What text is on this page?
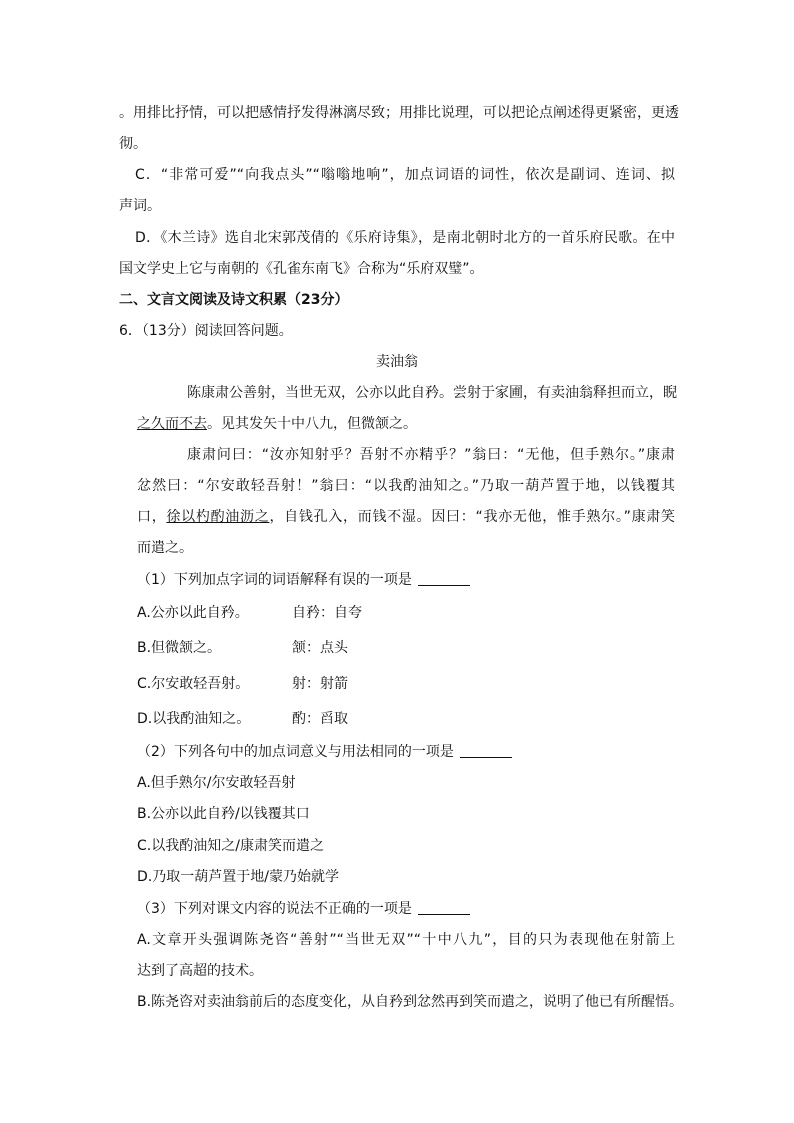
。用排比抒情，可以把感情抒发得淋漓尽致；用排比说理，可以把论点阐述得更紧密，更透
彻。
C．“非常可爱”“向我点头”“嗡嗡地响”，加点词语的词性，依次是副词、连词、拟
声词。
D．《木兰诗》选自北宋郭茂倩的《乐府诗集》，是南北朝时北方的一首乐府民歌。在中
国文学史上它与南朝的《孔雀东南飞》合称为“乐府双璧”。
二、文言文阅读及诗文积累（23分）
6．（13分）阅读回答问题。
卖油翁
陈康肃公善射，当世无双，公亦以此自矜。尝射于家圃，有卖油翁释担而立，睨
之久而不去。见其发矢十中八九，但微颔之。
康肃问曰：“汝亦知射乎？吾射不亦精乎？”翁曰：“无他，但手熟尔。”康肃
忿然曰：“尔安敢轻吾射！”翁曰：“以我酌油知之。”乃取一葫芦置于地，以钱覆其
口，徐以杓酌油沥之，自钱孔入，而钱不湿。因曰：“我亦无他，惟手熟尔。”康肃笑
而遣之。
（1）下列加点字词的词语解释有误的一项是
A.公亦以此自矜。	自矜：自夸
B.但微颔之。	颔：点头
C.尔安敢轻吾射。	射：射箭
D.以我酌油知之。	酌：舀取
（2）下列各句中的加点词意义与用法相同的一项是
A.但手熟尔/尔安敢轻吾射
B.公亦以此自矜/以钱覆其口
C.以我酌油知之/康肃笑而遣之
D.乃取一葫芦置于地/蒙乃始就学
（3）下列对课文内容的说法不正确的一项是
A.文章开头强调陈尧咨“善射”“当世无双”“十中八九”，目的只为表现他在射箭上
达到了高超的技术。
B.陈尧咨对卖油翁前后的态度变化，从自矜到忿然再到笑而遣之，说明了他已有所醒悟。
